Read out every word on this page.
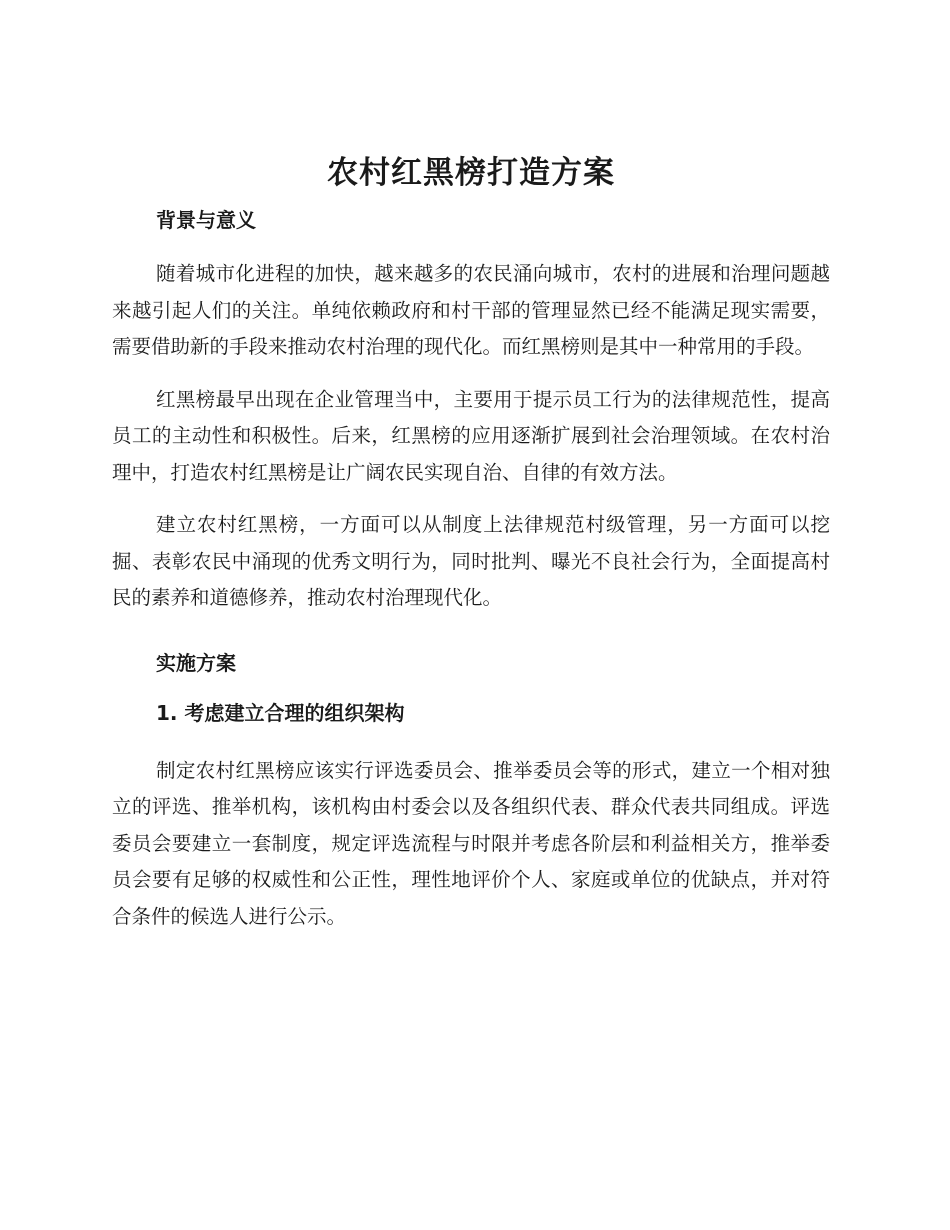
农村红黑榜打造方案
背景与意义

随着城市化进程的加快，越来越多的农民涌向城市，农村的进展和治理问题越来越引起人们的关注。单纯依赖政府和村干部的管理显然已经不能满足现实需要，需要借助新的手段来推动农村治理的现代化。而红黑榜则是其中一种常用的手段。

红黑榜最早出现在企业管理当中，主要用于提示员工行为的法律规范性，提高员工的主动性和积极性。后来，红黑榜的应用逐渐扩展到社会治理领域。在农村治理中，打造农村红黑榜是让广阔农民实现自治、自律的有效方法。

建立农村红黑榜，一方面可以从制度上法律规范村级管理，另一方面可以挖掘、表彰农民中涌现的优秀文明行为，同时批判、曝光不良社会行为，全面提高村民的素养和道德修养，推动农村治理现代化。

实施方案
1. 考虑建立合理的组织架构

制定农村红黑榜应该实行评选委员会、推举委员会等的形式，建立一个相对独立的评选、推举机构，该机构由村委会以及各组织代表、群众代表共同组成。评选委员会要建立一套制度，规定评选流程与时限并考虑各阶层和利益相关方，推举委员会要有足够的权威性和公正性，理性地评价个人、家庭或单位的优缺点，并对符合条件的候选人进行公示。
